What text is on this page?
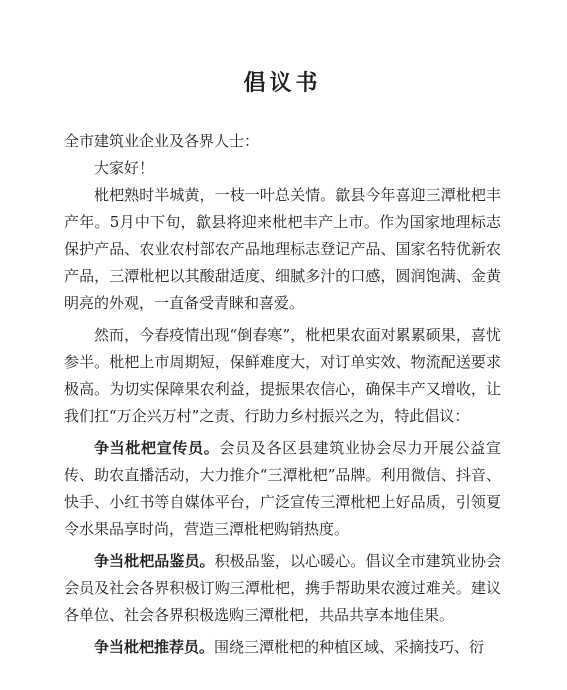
倡议书
全市建筑业企业及各界人士：

大家好！

枇杷熟时半城黄，一枝一叶总关情。歙县今年喜迎三潭枇杷丰产年。5月中下旬，歙县将迎来枇杷丰产上市。作为国家地理标志保护产品、农业农村部农产品地理标志登记产品、国家名特优新农产品，三潭枇杷以其酸甜适度、细腻多汁的口感，圆润饱满、金黄明亮的外观，一直备受青睐和喜爱。

然而，今春疫情出现“倒春寒”，枇杷果农面对累累硕果，喜忧参半。枇杷上市周期短，保鲜难度大，对订单实效、物流配送要求极高。为切实保障果农利益，提振果农信心，确保丰产又增收，让我们扛“万企兴万村”之责、行助力乡村振兴之为，特此倡议：

争当枇杷宣传员。会员及各区县建筑业协会尽力开展公益宣传、助农直播活动，大力推介“三潭枇杷”品牌。利用微信、抖音、快手、小红书等自媒体平台，广泛宣传三潭枇杷上好品质，引领夏令水果品享时尚，营造三潭枇杷购销热度。

争当枇杷品鉴员。积极品鉴，以心暖心。倡议全市建筑业协会会员及社会各界积极订购三潭枇杷，携手帮助果农渡过难关。建议各单位、社会各界积极选购三潭枇杷，共品共享本地佳果。

争当枇杷推荐员。围绕三潭枇杷的种植区域、采摘技巧、衍
